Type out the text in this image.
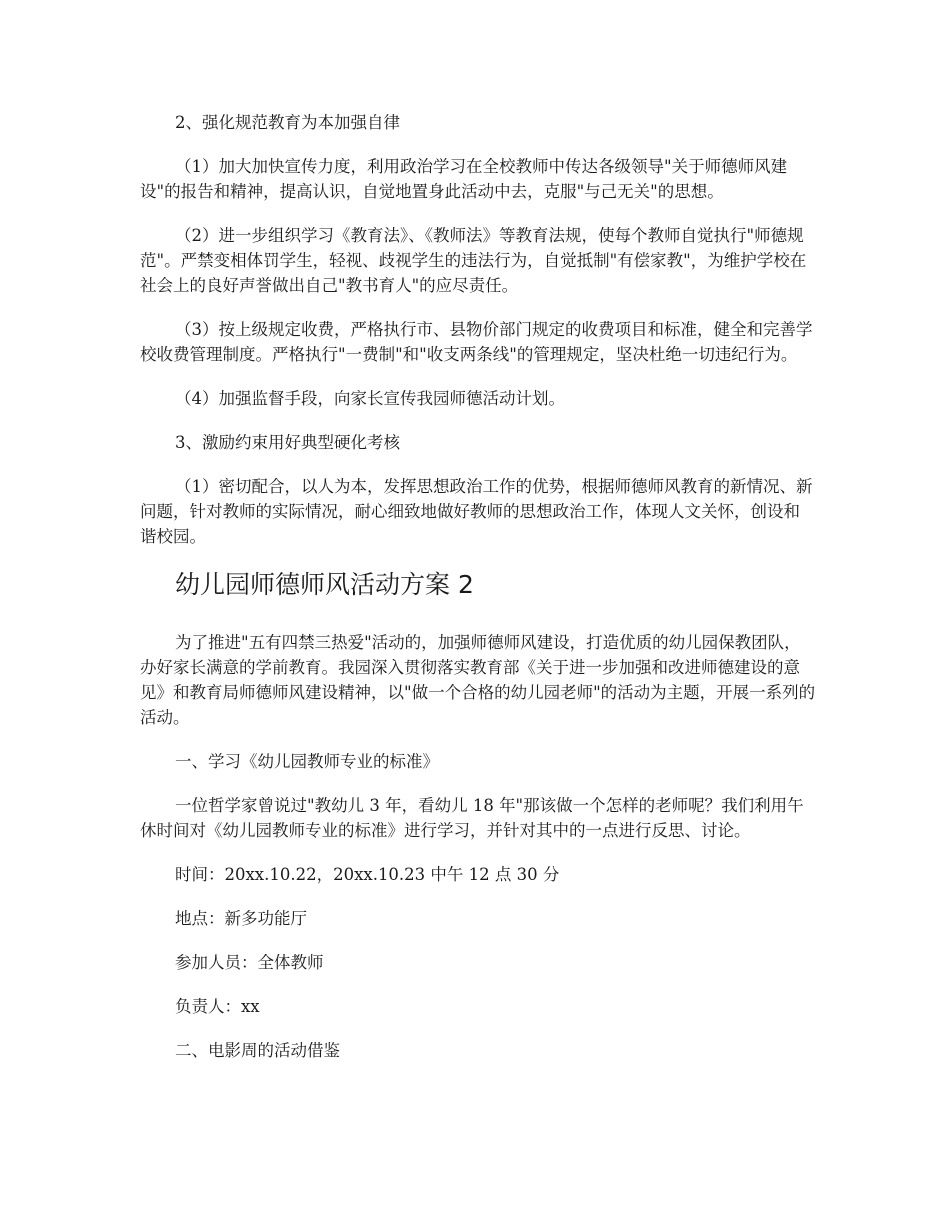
2、强化规范教育为本加强自律

（1）加大加快宣传力度，利用政治学习在全校教师中传达各级领导"关于师德师风建设"的报告和精神，提高认识，自觉地置身此活动中去，克服"与己无关"的思想。

（2）进一步组织学习《教育法》、《教师法》等教育法规，使每个教师自觉执行"师德规范"。严禁变相体罚学生，轻视、歧视学生的违法行为，自觉抵制"有偿家教"，为维护学校在社会上的良好声誉做出自己"教书育人"的应尽责任。

（3）按上级规定收费，严格执行市、县物价部门规定的收费项目和标准，健全和完善学校收费管理制度。严格执行"一费制"和"收支两条线"的管理规定，坚决杜绝一切违纪行为。

（4）加强监督手段，向家长宣传我园师德活动计划。

3、激励约束用好典型硬化考核

（1）密切配合，以人为本，发挥思想政治工作的优势，根据师德师风教育的新情况、新问题，针对教师的实际情况，耐心细致地做好教师的思想政治工作，体现人文关怀，创设和谐校园。

幼儿园师德师风活动方案 2

为了推进"五有四禁三热爱"活动的，加强师德师风建设，打造优质的幼儿园保教团队，办好家长满意的学前教育。我园深入贯彻落实教育部《关于进一步加强和改进师德建设的意见》和教育局师德师风建设精神，以"做一个合格的幼儿园老师"的活动为主题，开展一系列的活动。

一、学习《幼儿园教师专业的标准》

一位哲学家曾说过"教幼儿 3 年，看幼儿 18 年"那该做一个怎样的老师呢？我们利用午休时间对《幼儿园教师专业的标准》进行学习，并针对其中的一点进行反思、讨论。

时间：20xx.10.22，20xx.10.23 中午 12 点 30 分

地点：新多功能厅

参加人员：全体教师

负责人：xx

二、电影周的活动借鉴
